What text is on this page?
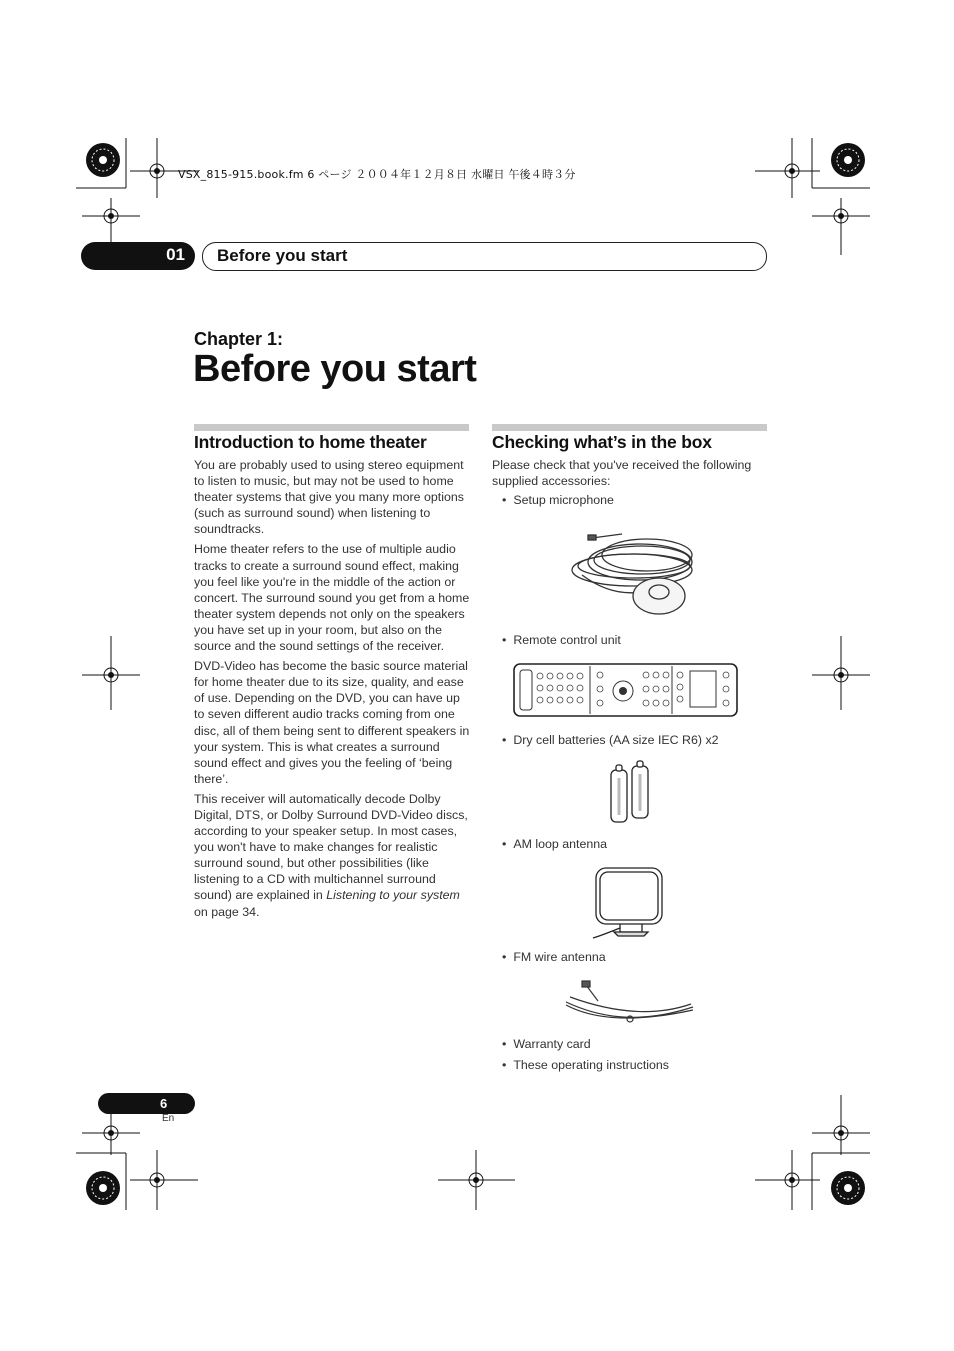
VSX_815-915.book.fm 6 ページ ２００４年１２月８日 水曜日 午後４時３分
01 Before you start
Chapter 1:
Before you start
Introduction to home theater

You are probably used to using stereo equipment to listen to music, but may not be used to home theater systems that give you many more options (such as surround sound) when listening to soundtracks.

Home theater refers to the use of multiple audio tracks to create a surround sound effect, making you feel like you're in the middle of the action or concert. The surround sound you get from a home theater system depends not only on the speakers you have set up in your room, but also on the source and the sound settings of the receiver.

DVD-Video has become the basic source material for home theater due to its size, quality, and ease of use. Depending on the DVD, you can have up to seven different audio tracks coming from one disc, all of them being sent to different speakers in your system. This is what creates a surround sound effect and gives you the feeling of ‘being there’.

This receiver will automatically decode Dolby Digital, DTS, or Dolby Surround DVD-Video discs, according to your speaker setup. In most cases, you won't have to make changes for realistic surround sound, but other possibilities (like listening to a CD with multichannel surround sound) are explained in Listening to your system on page 34.

Checking what’s in the box
Please check that you've received the following supplied accessories:
• Setup microphone
• Remote control unit
• Dry cell batteries (AA size IEC R6) x2
• AM loop antenna
• FM wire antenna
• Warranty card
• These operating instructions
6
En
